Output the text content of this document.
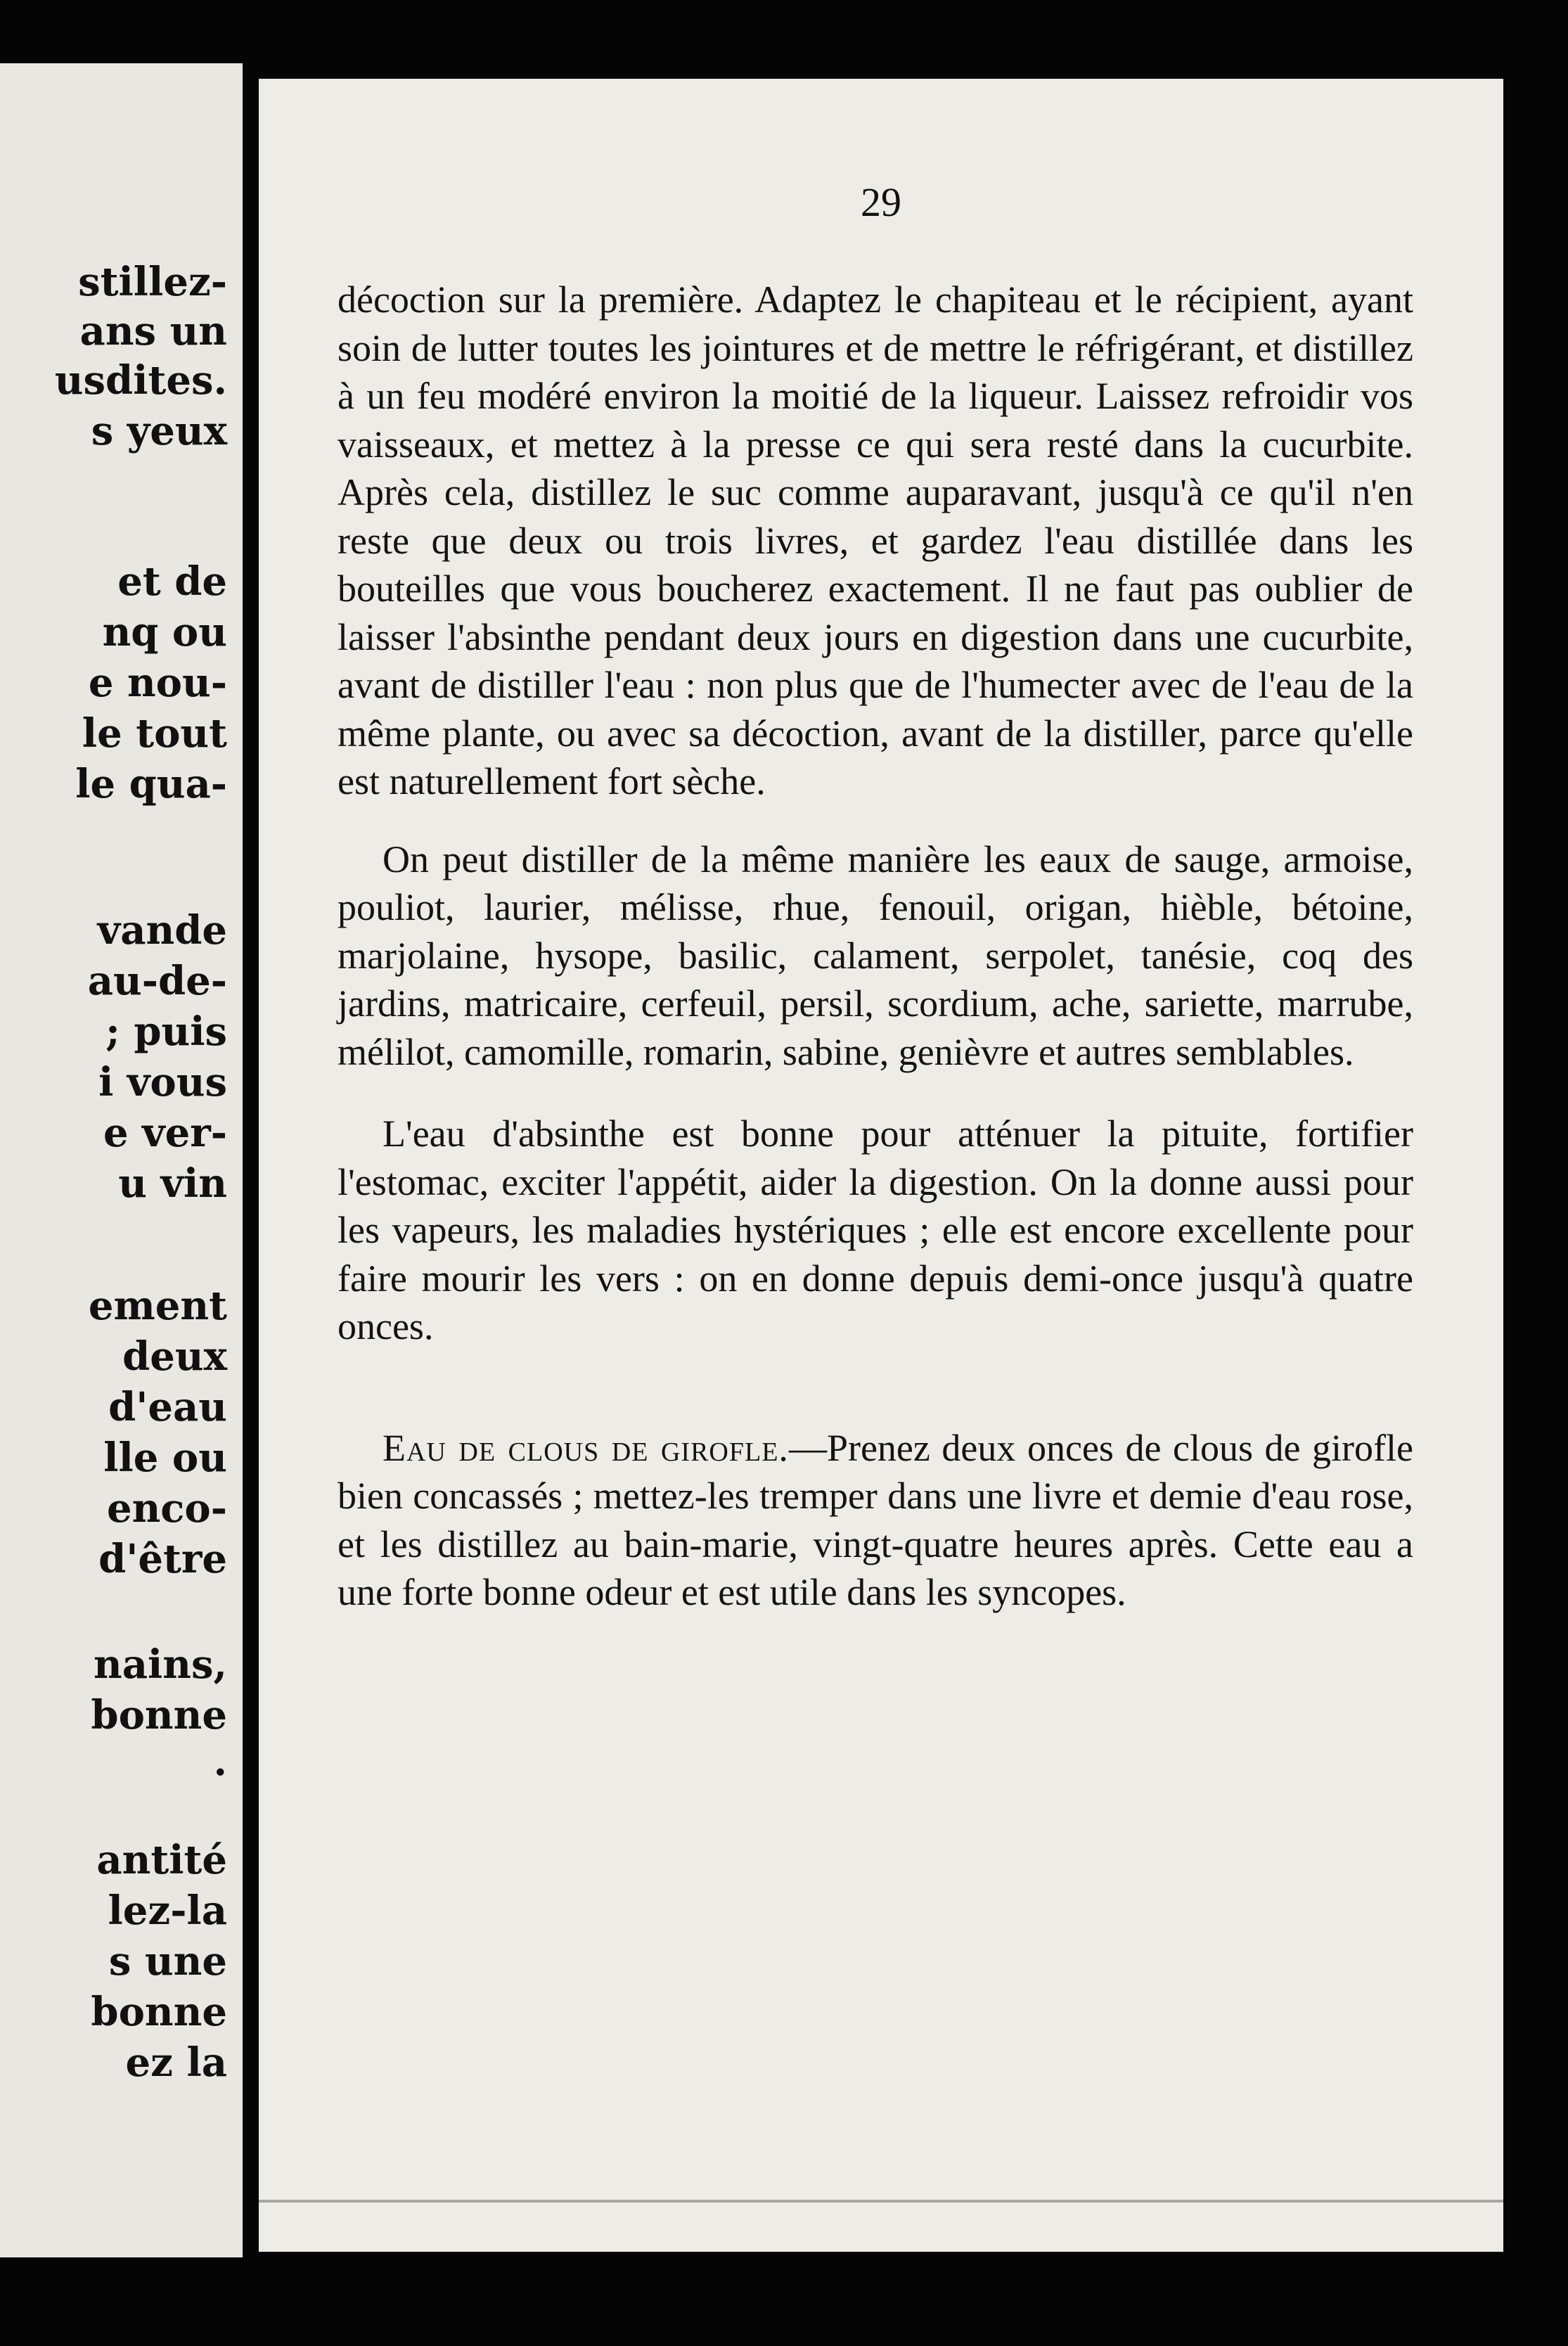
stillez-
ans un
usdites.
s yeux
et de
nq ou
e nou-
le tout
le qua-
vande
au-de-
; puis
i vous
e ver-
u vin
ement
deux
d'eau
lle ou
enco-
d'être
nains,
bonne
.
antité
lez-la
s une
bonne
ez la
29

décoction sur la première. Adaptez le chapiteau et le récipient, ayant soin de lutter toutes les jointures et de mettre le réfrigérant, et distillez à un feu modéré environ la moitié de la liqueur. Laissez refroidir vos vaisseaux, et mettez à la presse ce qui sera resté dans la cucurbite. Après cela, distillez le suc comme auparavant, jusqu'à ce qu'il n'en reste que deux ou trois livres, et gardez l'eau distillée dans les bouteilles que vous boucherez exactement. Il ne faut pas oublier de laisser l'absinthe pendant deux jours en digestion dans une cucurbite, avant de distiller l'eau : non plus que de l'humecter avec de l'eau de la même plante, ou avec sa décoction, avant de la distiller, parce qu'elle est naturellement fort sèche.

On peut distiller de la même manière les eaux de sauge, armoise, pouliot, laurier, mélisse, rhue, fenouil, origan, hièble, bétoine, marjolaine, hysope, basilic, calament, serpolet, tanésie, coq des jardins, matricaire, cerfeuil, persil, scordium, ache, sariette, marrube, mélilot, camomille, romarin, sabine, genièvre et autres semblables.

L'eau d'absinthe est bonne pour atténuer la pituite, fortifier l'estomac, exciter l'appétit, aider la digestion. On la donne aussi pour les vapeurs, les maladies hystériques ; elle est encore excellente pour faire mourir les vers : on en donne depuis demi-once jusqu'à quatre onces.

Eau de clous de girofle.—Prenez deux onces de clous de girofle bien concassés ; mettez-les tremper dans une livre et demie d'eau rose, et les distillez au bain-marie, vingt-quatre heures après. Cette eau a une forte bonne odeur et est utile dans les syncopes.
